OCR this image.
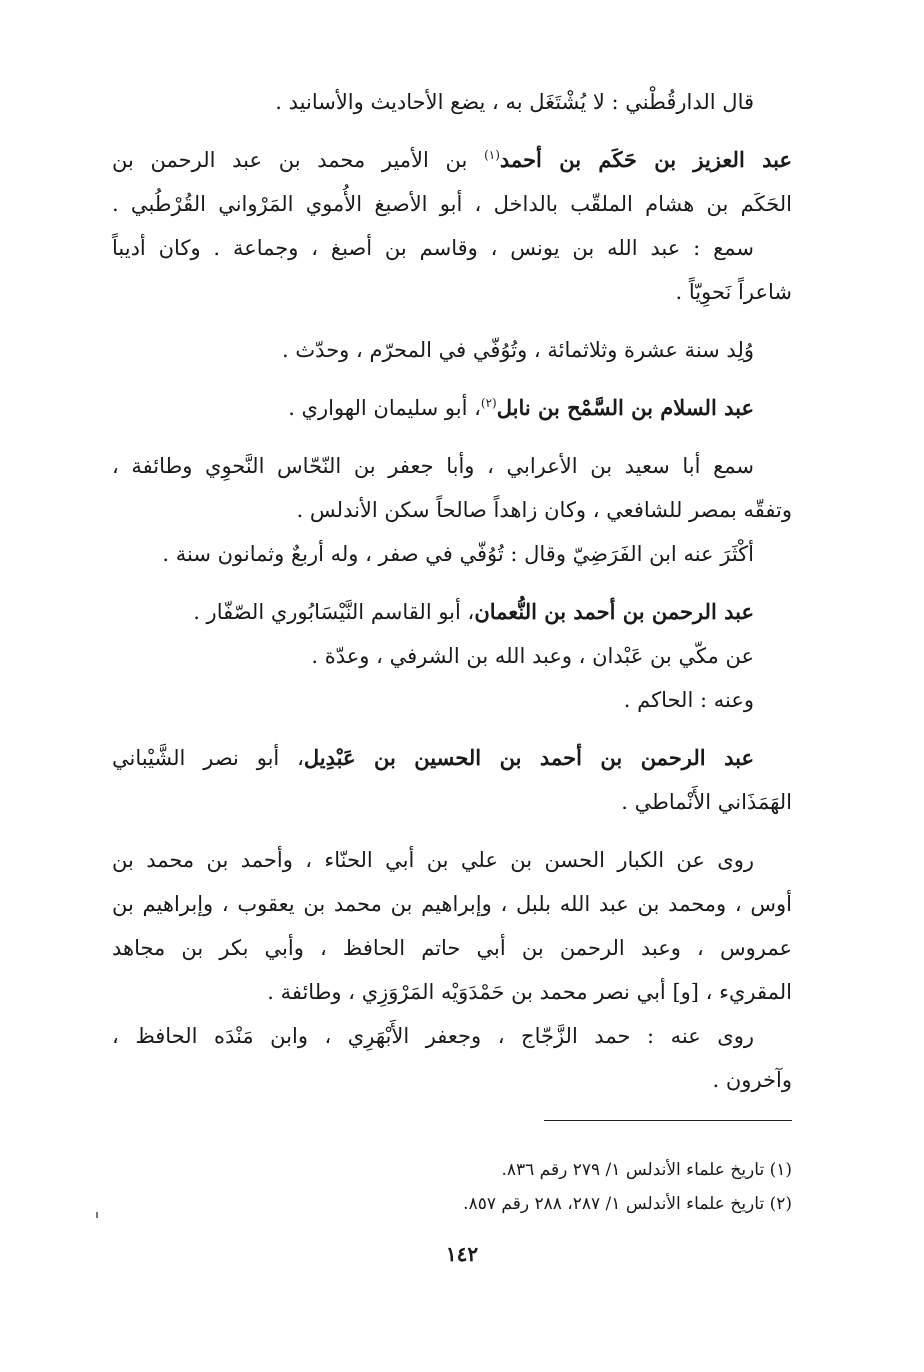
قال الدارقُطْني : لا يُشْتَغَل به ، يضع الأحاديث والأسانيد .

عبد العزيز بن حَكَم بن أحمد$^{(١)}$ بن الأمير محمد بن عبد الرحمن بن

الحَكَم بن هشام الملقّب بالداخل ، أبو الأصبغ الأُموي المَرْواني القُرْطُبي .

سمع : عبد الله بن يونس ، وقاسم بن أصبغ ، وجماعة . وكان أديباً

شاعراً نَحوِيّاً .

وُلِد سنة عشرة وثلاثمائة ، وتُوُفّي في المحرّم ، وحدّث .

عبد السلام بن السَّمْح بن نابل$^{(٢)}$، أبو سليمان الهواري .

سمع أبا سعيد بن الأعرابي ، وأبا جعفر بن النّحّاس النَّحوِي وطائفة ،

وتفقّه بمصر للشافعي ، وكان زاهداً صالحاً سكن الأندلس .

أكْثَرَ عنه ابن الفَرَضِيّ وقال : تُوُفّي في صفر ، وله أربعٌ وثمانون سنة .

عبد الرحمن بن أحمد بن النُّعمان، أبو القاسم النَّيْسَابُوري الصّفّار .

عن مكّي بن عَبْدان ، وعبد الله بن الشرفي ، وعدّة .

وعنه : الحاكم .

عبد الرحمن بن أحمد بن الحسين بن عَبْدِيل، أبو نصر الشَّيْباني

الهَمَذَاني الأَنْماطي .

روى عن الكبار الحسن بن علي بن أبي الحنّاء ، وأحمد بن محمد بن

أوس ، ومحمد بن عبد الله بلبل ، وإبراهيم بن محمد بن يعقوب ، وإبراهيم بن

عمروس ، وعبد الرحمن بن أبي حاتم الحافظ ، وأبي بكر بن مجاهد

المقريء ، [و] أبي نصر محمد بن حَمْدَوَيْه المَرْوَزِي ، وطائفة .

روى عنه : حمد الزَّجّاج ، وجعفر الأَبْهَرِي ، وابن مَنْدَه الحافظ ،

وآخرون .

(١) تاريخ علماء الأندلس ١/ ٢٧٩ رقم ٨٣٦.

(٢) تاريخ علماء الأندلس ١/ ٢٨٧، ٢٨٨ رقم ٨٥٧.

١٤٢
